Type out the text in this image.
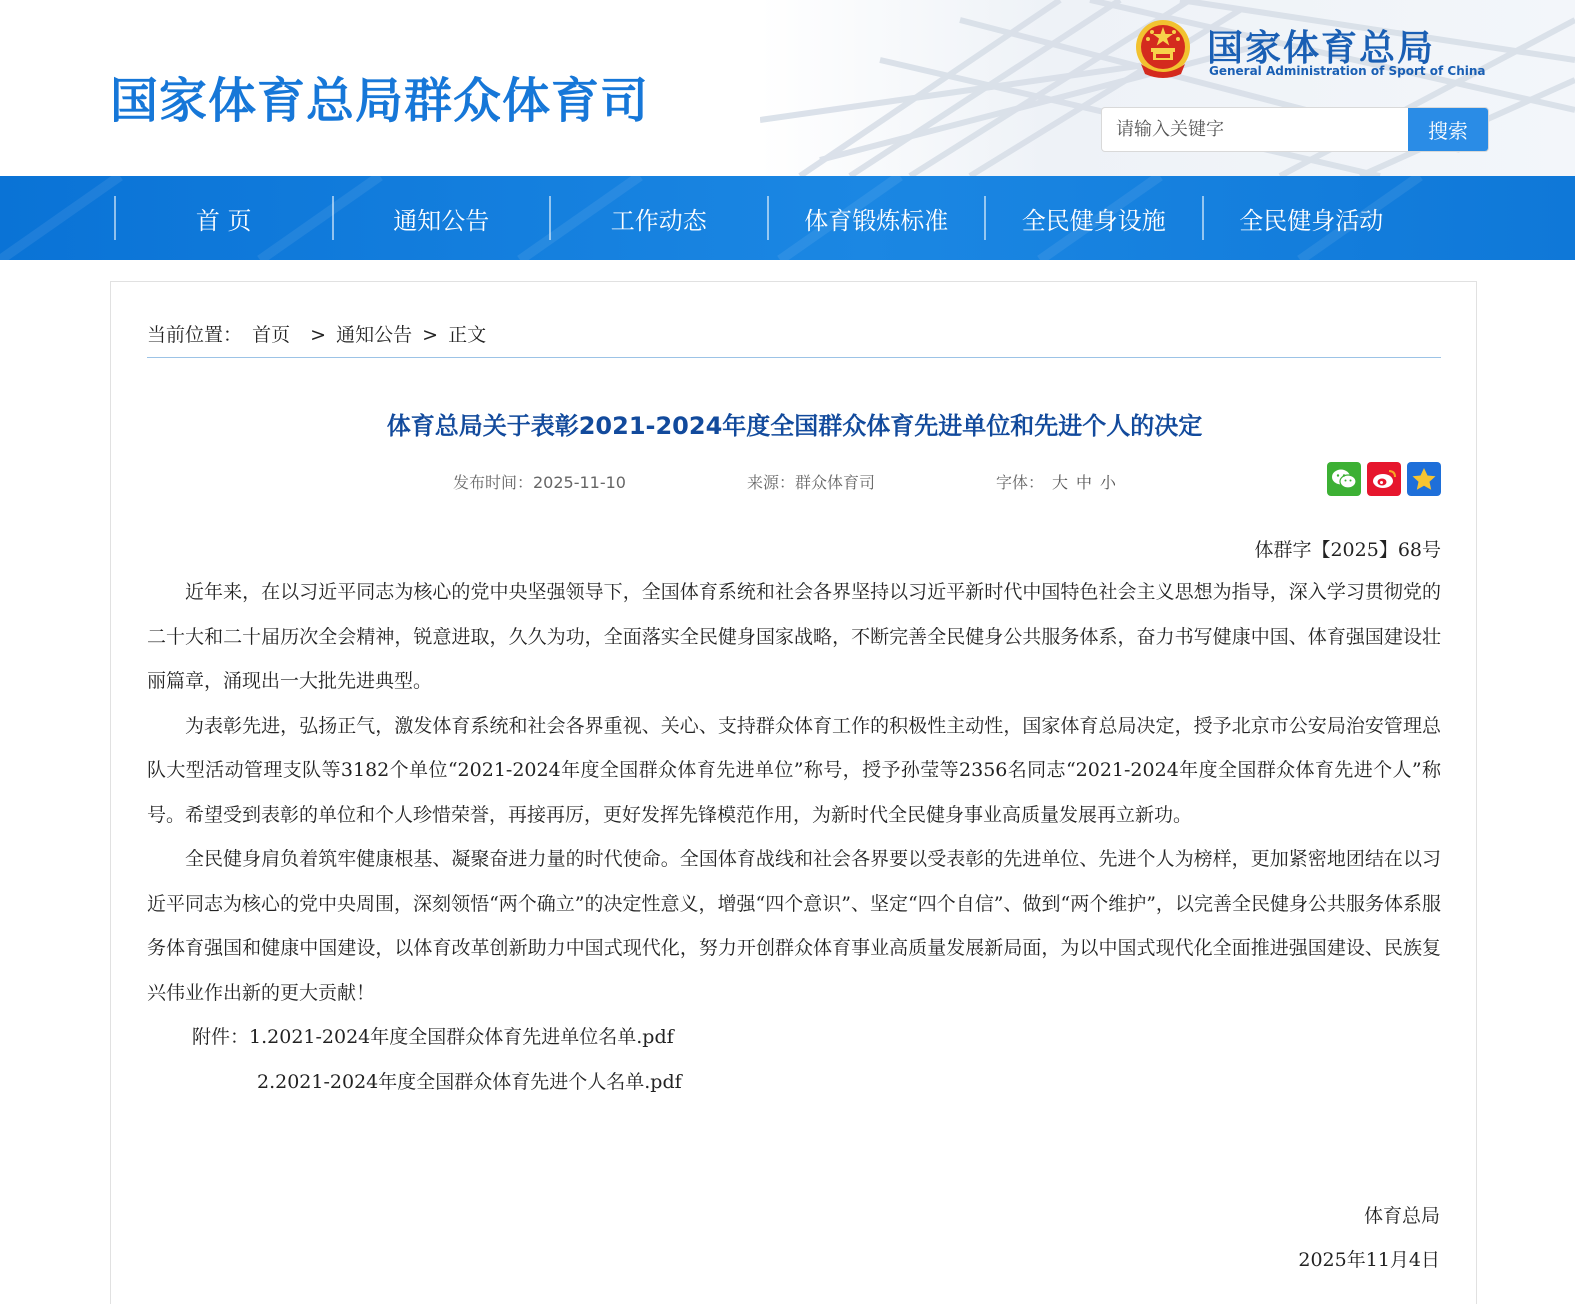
国家体育总局群众体育司
国家体育总局
General Administration of Sport of China
请输入关键字
搜索
首 页	通知公告	工作动态	体育锻炼标准	全民健身设施	全民健身活动
当前位置： 首页 > 通知公告 > 正文
体育总局关于表彰2021-2024年度全国群众体育先进单位和先进个人的决定
发布时间：2025-11-10	来源：群众体育司	字体： 大 中 小
体群字【2025】68号

近年来，在以习近平同志为核心的党中央坚强领导下，全国体育系统和社会各界坚持以习近平新时代中国特色社会主义思想为指导，深入学习贯彻党的二十大和二十届历次全会精神，锐意进取，久久为功，全面落实全民健身国家战略，不断完善全民健身公共服务体系，奋力书写健康中国、体育强国建设壮丽篇章，涌现出一大批先进典型。

为表彰先进，弘扬正气，激发体育系统和社会各界重视、关心、支持群众体育工作的积极性主动性，国家体育总局决定，授予北京市公安局治安管理总队大型活动管理支队等3182个单位“2021-2024年度全国群众体育先进单位”称号，授予孙莹等2356名同志“2021-2024年度全国群众体育先进个人”称号。希望受到表彰的单位和个人珍惜荣誉，再接再厉，更好发挥先锋模范作用，为新时代全民健身事业高质量发展再立新功。

全民健身肩负着筑牢健康根基、凝聚奋进力量的时代使命。全国体育战线和社会各界要以受表彰的先进单位、先进个人为榜样，更加紧密地团结在以习近平同志为核心的党中央周围，深刻领悟“两个确立”的决定性意义，增强“四个意识”、坚定“四个自信”、做到“两个维护”，以完善全民健身公共服务体系服务体育强国和健康中国建设，以体育改革创新助力中国式现代化，努力开创群众体育事业高质量发展新局面，为以中国式现代化全面推进强国建设、民族复兴伟业作出新的更大贡献！

附件：1.2021-2024年度全国群众体育先进单位名单.pdf
2.2021-2024年度全国群众体育先进个人名单.pdf
体育总局
2025年11月4日
